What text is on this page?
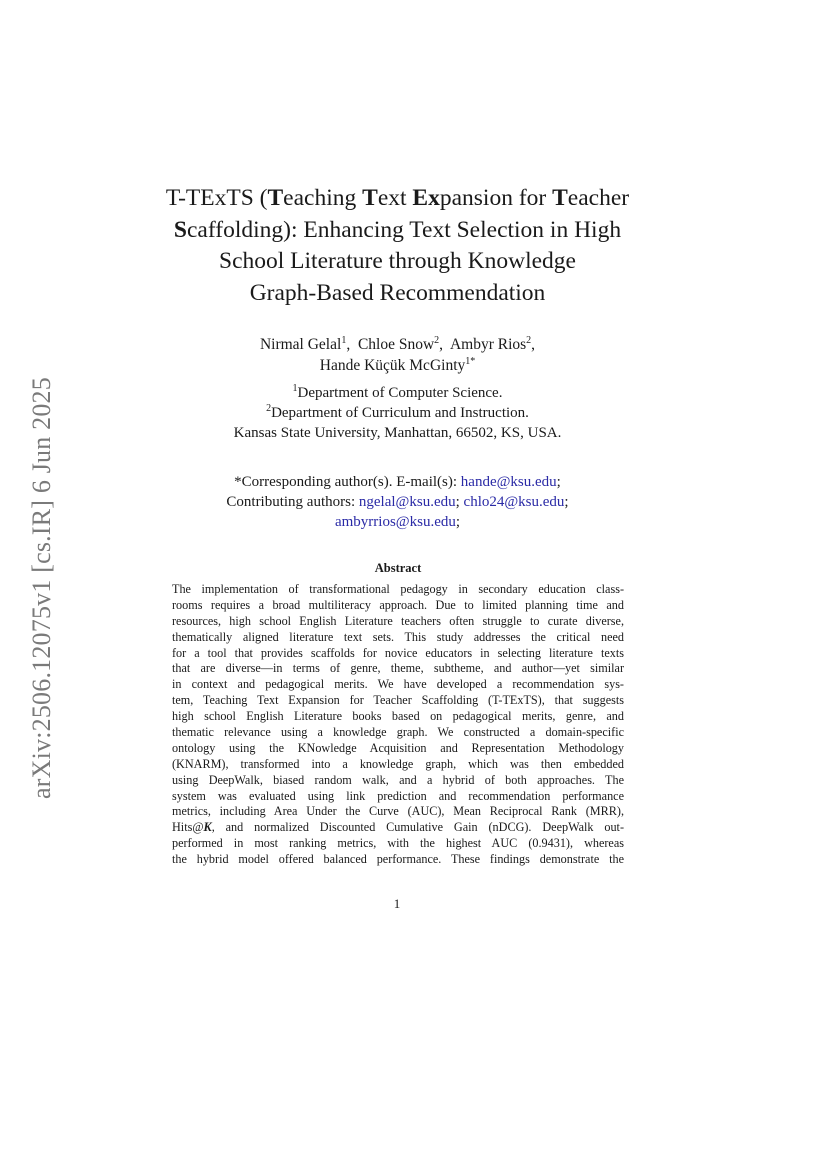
arXiv:2506.12075v1 [cs.IR] 6 Jun 2025
T-TExTS (Teaching Text Expansion for Teacher
Scaffolding): Enhancing Text Selection in High
School Literature through Knowledge
Graph-Based Recommendation
Nirmal Gelal$^1$,  Chloe Snow$^2$,  Ambyr Rios$^2$,
Hande Küçük McGinty$^{1*}$
$^1$Department of Computer Science.
$^2$Department of Curriculum and Instruction.
Kansas State University, Manhattan, 66502, KS, USA.
*Corresponding author(s). E-mail(s): hande@ksu.edu;
Contributing authors: ngelal@ksu.edu; chlo24@ksu.edu;
ambyrrios@ksu.edu;
Abstract
The implementation of transformational pedagogy in secondary education class-
rooms requires a broad multiliteracy approach. Due to limited planning time and
resources, high school English Literature teachers often struggle to curate diverse,
thematically aligned literature text sets. This study addresses the critical need
for a tool that provides scaffolds for novice educators in selecting literature texts
that are diverse—in terms of genre, theme, subtheme, and author—yet similar
in context and pedagogical merits. We have developed a recommendation sys-
tem, Teaching Text Expansion for Teacher Scaffolding (T-TExTS), that suggests
high school English Literature books based on pedagogical merits, genre, and
thematic relevance using a knowledge graph. We constructed a domain-specific
ontology using the KNowledge Acquisition and Representation Methodology
(KNARM), transformed into a knowledge graph, which was then embedded
using DeepWalk, biased random walk, and a hybrid of both approaches. The
system was evaluated using link prediction and recommendation performance
metrics, including Area Under the Curve (AUC), Mean Reciprocal Rank (MRR),
Hits@K, and normalized Discounted Cumulative Gain (nDCG). DeepWalk out-
performed in most ranking metrics, with the highest AUC (0.9431), whereas
the hybrid model offered balanced performance. These findings demonstrate the
1
